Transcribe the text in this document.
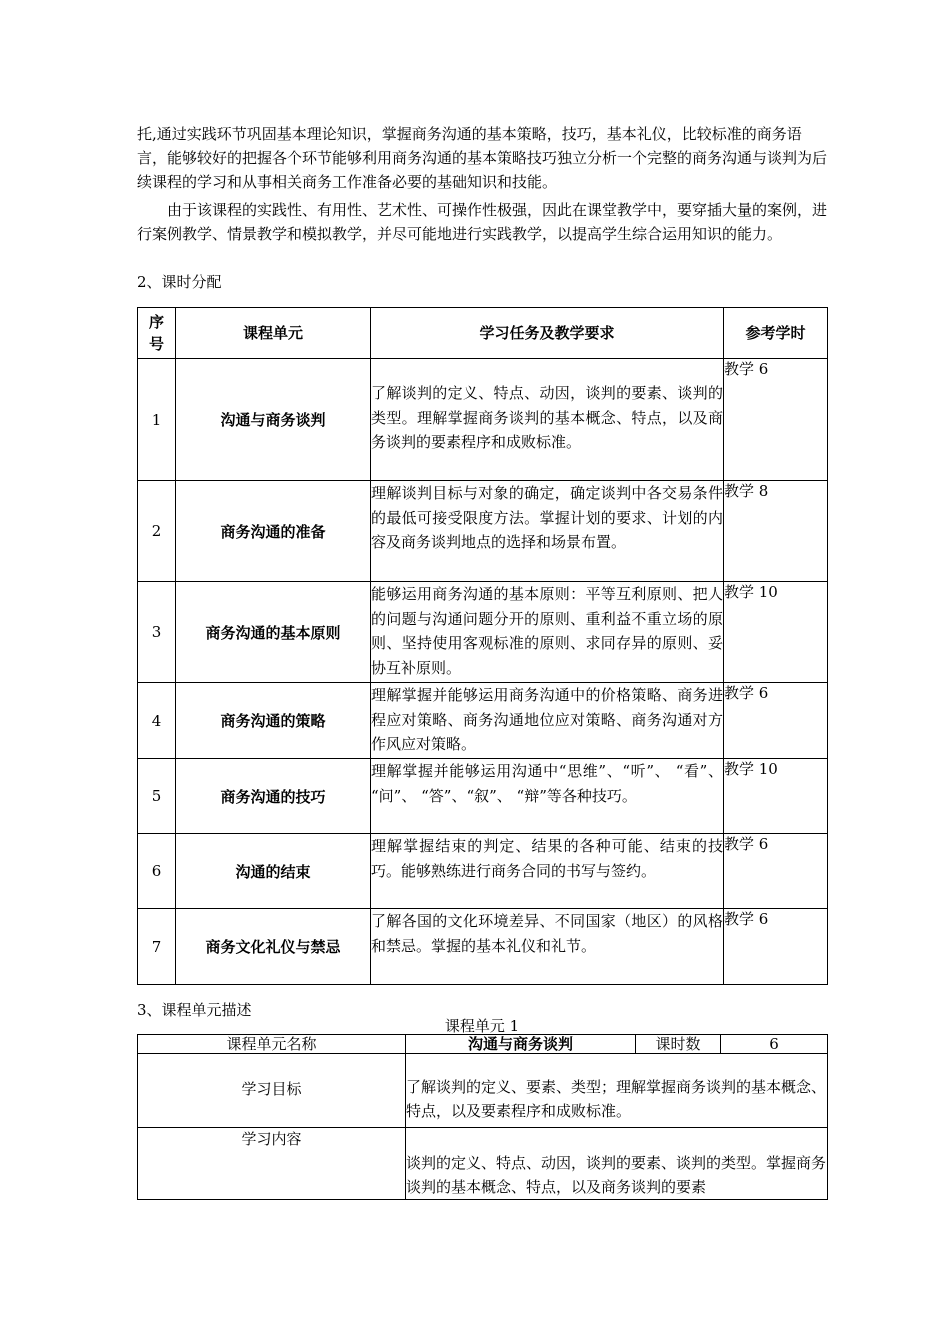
托,通过实践环节巩固基本理论知识，掌握商务沟通的基本策略，技巧，基本礼仪，比较标准的商务语言，能够较好的把握各个环节能够利用商务沟通的基本策略技巧独立分析一个完整的商务沟通与谈判为后续课程的学习和从事相关商务工作准备必要的基础知识和技能。
由于该课程的实践性、有用性、艺术性、可操作性极强，因此在课堂教学中，要穿插大量的案例，进行案例教学、情景教学和模拟教学，并尽可能地进行实践教学，以提高学生综合运用知识的能力。
2、课时分配
序号	课程单元	学习任务及教学要求	参考学时
1	沟通与商务谈判	了解谈判的定义、特点、动因，谈判的要素、谈判的类型。理解掌握商务谈判的基本概念、特点，以及商务谈判的要素程序和成败标准。	教学 6
2	商务沟通的准备	理解谈判目标与对象的确定，确定谈判中各交易条件的最低可接受限度方法。掌握计划的要求、计划的内容及商务谈判地点的选择和场景布置。	教学 8
3	商务沟通的基本原则	能够运用商务沟通的基本原则：平等互利原则、把人的问题与沟通问题分开的原则、重利益不重立场的原则、坚持使用客观标准的原则、求同存异的原则、妥协互补原则。	教学 10
4	商务沟通的策略	理解掌握并能够运用商务沟通中的价格策略、商务进程应对策略、商务沟通地位应对策略、商务沟通对方作风应对策略。	教学 6
5	商务沟通的技巧	理解掌握并能够运用沟通中“思维”、“听”、 “看”、 “问”、 “答”、“叙”、 “辩”等各种技巧。	教学 10
6	沟通的结束	理解掌握结束的判定、结果的各种可能、结束的技巧。能够熟练进行商务合同的书写与签约。	教学 6
7	商务文化礼仪与禁忌	了解各国的文化环境差异、不同国家（地区）的风格和禁忌。掌握的基本礼仪和礼节。	教学 6
3、课程单元描述
课程单元 1
课程单元名称	沟通与商务谈判	课时数	6

学习目标	了解谈判的定义、要素、类型；理解掌握商务谈判的基本概念、特点，以及要素程序和成败标准。		

学习内容	谈判的定义、特点、动因，谈判的要素、谈判的类型。掌握商务谈判的基本概念、特点，以及商务谈判的要素		
